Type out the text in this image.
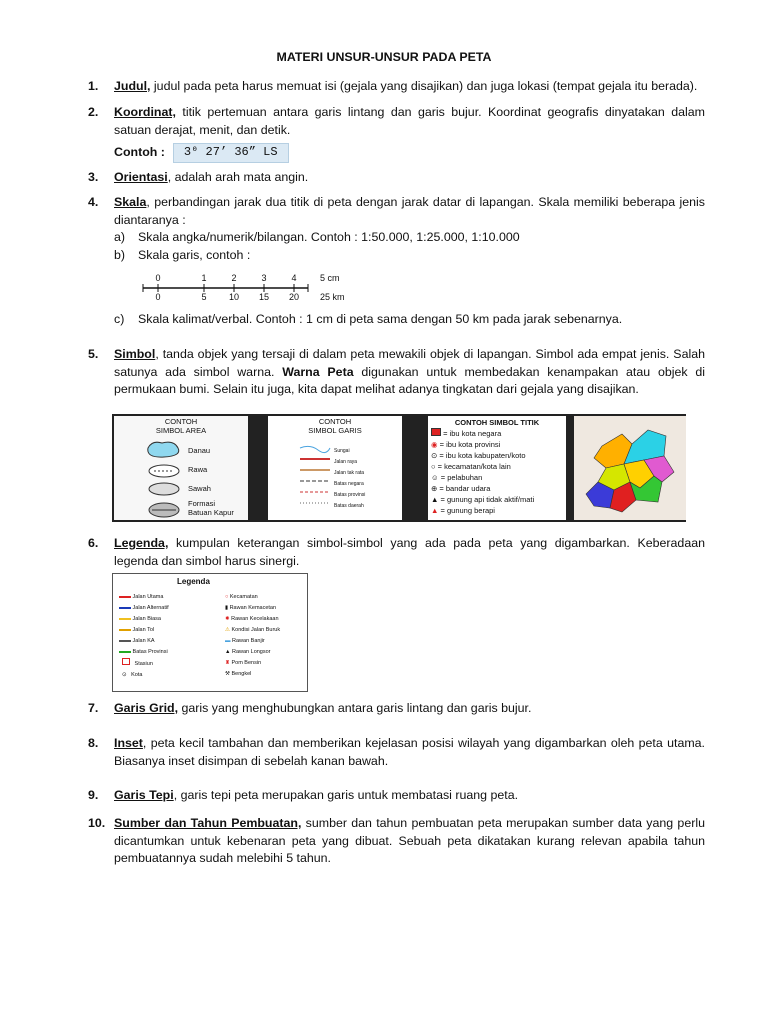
MATERI UNSUR-UNSUR PADA PETA
1. Judul, judul pada peta harus memuat isi (gejala yang disajikan) dan juga lokasi (tempat gejala itu berada).
2. Koordinat, titik pertemuan antara garis lintang dan garis bujur. Koordinat geografis dinyatakan dalam satuan derajat, menit, dan detik.
Contoh : 3⁰ 27’ 36” LS
3. Orientasi, adalah arah mata angin.
4. Skala, perbandingan jarak dua titik di peta dengan jarak datar di lapangan. Skala memiliki beberapa jenis diantaranya :
a) Skala angka/numerik/bilangan. Contoh : 1:50.000, 1:25.000, 1:10.000
b) Skala garis, contoh :
0	1	2	3	4	5 cm
0	5 10 15 20 25 km
c) Skala kalimat/verbal. Contoh : 1 cm di peta sama dengan 50 km pada jarak sebenarnya.
5. Simbol, tanda objek yang tersaji di dalam peta mewakili objek di lapangan. Simbol ada empat jenis. Salah satunya ada simbol warna. Warna Peta digunakan untuk membedakan kenampakan atau objek di permukaan bumi. Selain itu juga, kita dapat melihat adanya tingkatan dari gejala yang disajikan.
CONTOH
SIMBOL AREA
Danau
Rawa
Sawah
Formasi
Batuan Kapur
CONTOH
SIMBOL GARIS
Sungai
Jalan raya
Jalan tak rata
Batas negara
Batas provinsi
Batas daerah
CONTOH SIMBOL TITIK
= ibu kota negara
◉ = ibu kota provinsi
⊙ = ibu kota kabupaten/koto
○ = kecamatan/kota lain
☺ = pelabuhan
⊕ = bandar udara
▲ = gunung api tidak aktif/mati
▲ = gunung berapi
6. Legenda, kumpulan keterangan simbol-simbol yang ada pada peta yang digambarkan. Keberadaan legenda dan simbol harus sinergi.
Legenda
Jalan Utama
Jalan Alternatif
Jalan Biasa
Jalan Tol
Jalan KA
Batas Provinsi
Stasiun
⊙ Kota
○ Kecamatan
▮ Rawan Kemacetan
✸ Rawan Kecelakaan
⚠ Kondisi Jalan Buruk
▬ Rawan Banjir
▲ Rawan Longsor
♜ Pom Bensin
⚒ Bengkel
7. Garis Grid, garis yang menghubungkan antara garis lintang dan garis bujur.
8. Inset, peta kecil tambahan dan memberikan kejelasan posisi wilayah yang digambarkan oleh peta utama. Biasanya inset disimpan di sebelah kanan bawah.
9. Garis Tepi, garis tepi peta merupakan garis untuk membatasi ruang peta.
10. Sumber dan Tahun Pembuatan, sumber dan tahun pembuatan peta merupakan sumber data yang perlu dicantumkan untuk kebenaran peta yang dibuat. Sebuah peta dikatakan kurang relevan apabila tahun pembuatannya sudah melebihi 5 tahun.
